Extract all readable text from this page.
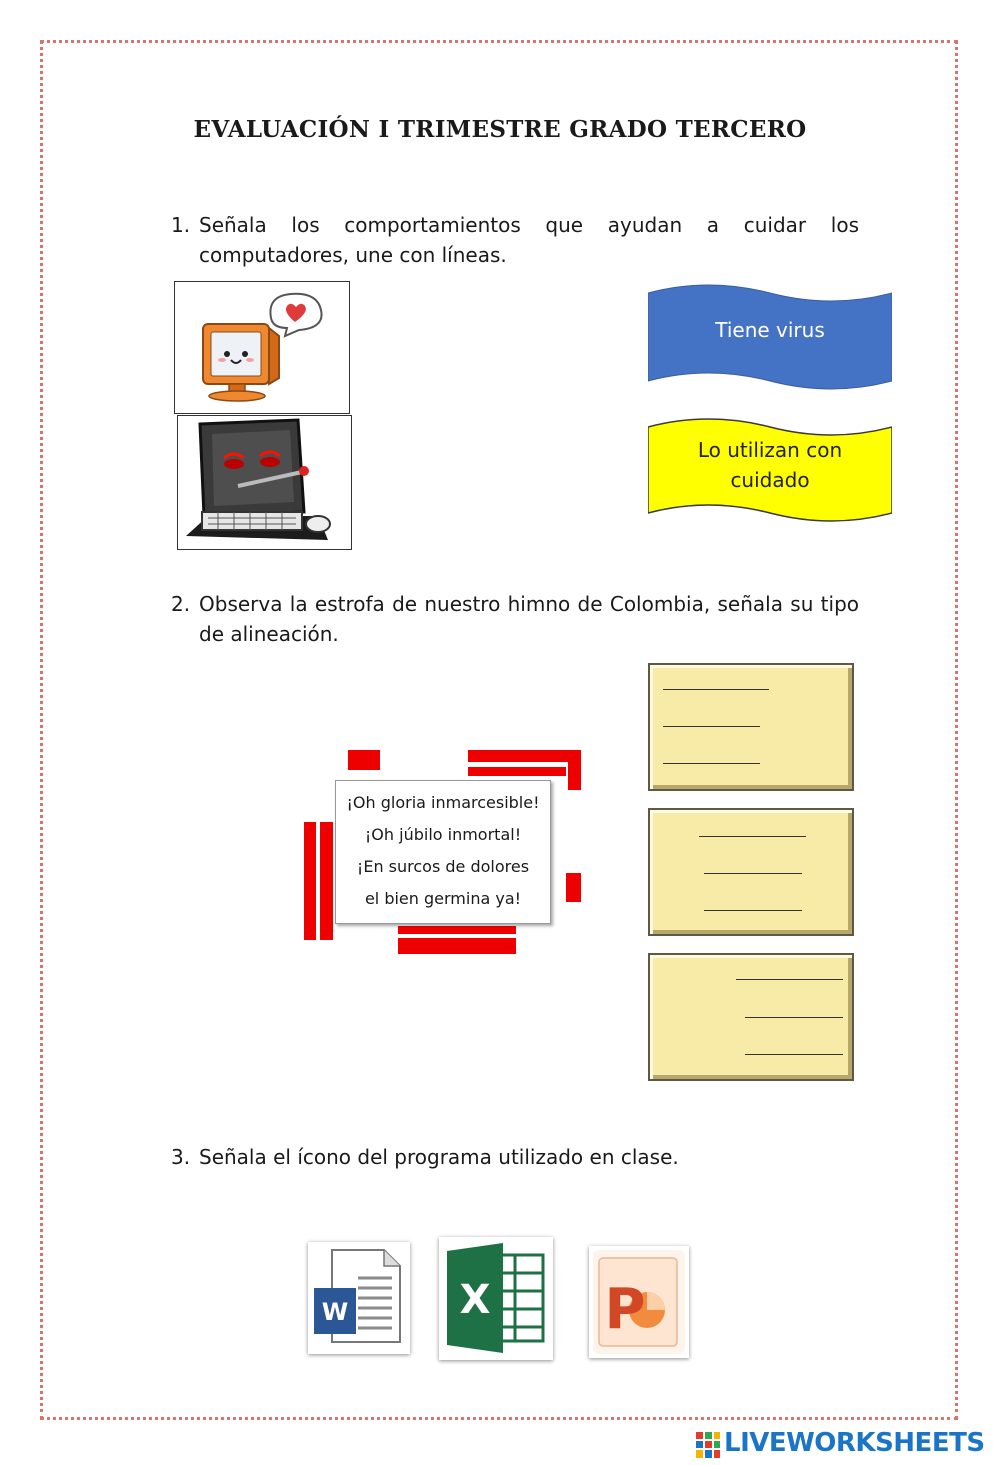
EVALUACIÓN I TRIMESTRE GRADO TERCERO
1. Señala los comportamientos que ayudan a cuidar los computadores, une con líneas.
Tiene virus
Lo utilizan con cuidado
2. Observa la estrofa de nuestro himno de Colombia, señala su tipo de alineación.
¡Oh gloria inmarcesible!
¡Oh júbilo inmortal!
¡En surcos de dolores
el bien germina ya!
3. Señala el ícono del programa utilizado en clase.
W	X P
LIVEWORKSHEETS
